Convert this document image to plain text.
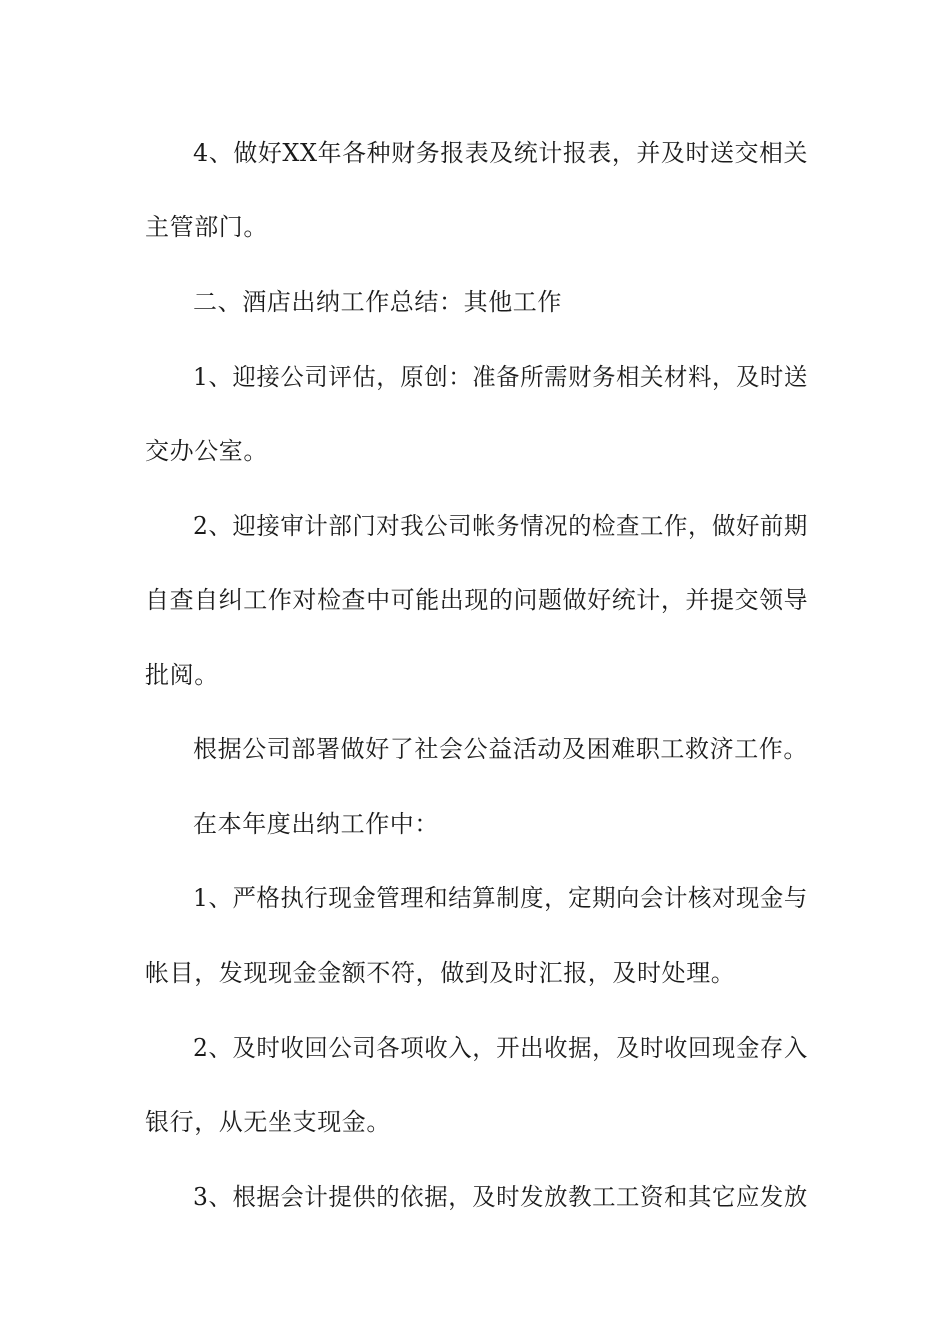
4、做好XX年各种财务报表及统计报表，并及时送交相关
主管部门。
二、酒店出纳工作总结：其他工作
1、迎接公司评估，原创：准备所需财务相关材料，及时送
交办公室。
2、迎接审计部门对我公司帐务情况的检查工作，做好前期
自查自纠工作对检查中可能出现的问题做好统计，并提交领导
批阅。
根据公司部署做好了社会公益活动及困难职工救济工作。
在本年度出纳工作中：
1、严格执行现金管理和结算制度，定期向会计核对现金与
帐目，发现现金金额不符，做到及时汇报，及时处理。
2、及时收回公司各项收入，开出收据，及时收回现金存入
银行，从无坐支现金。
3、根据会计提供的依据，及时发放教工工资和其它应发放
